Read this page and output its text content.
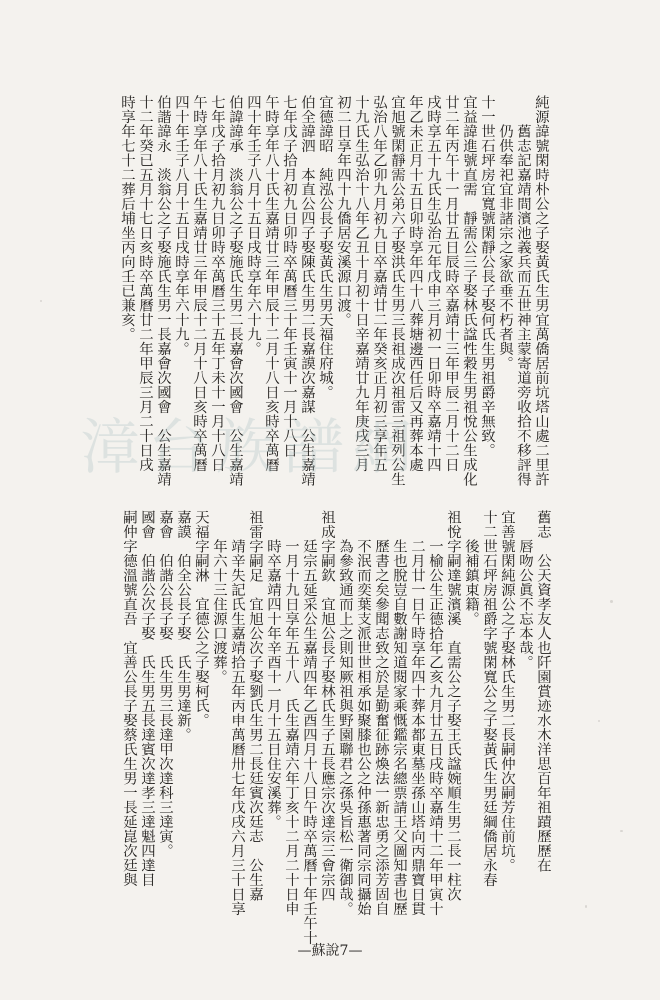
純源諱號閑時朴公之子娶黃氏生男宜萬僑居前坑塔山處二里許
　　舊志記嘉靖間濱池義兵而五世神主蒙寄道旁收拾不移評得
　　仍供奉祀宜非諸宗之家欲垂不朽者與。
十一世石坪房宜寬號閑靜公長子娶何氏生男祖爵辛無致。
宜益諱進號直需　靜需公三子娶林氏諡性穀生男祖悅公生成化
廿二年丙午十一月廿五日辰時卒嘉靖十三年甲辰二月十二日
戌時享五十九氏生弘治元年戊申三月初一日卯時卒嘉靖十四
年乙未正月十五日卯時享年四十八葬塘邊西任后又再葬本處
宜旭號閑靜需公弟六子娶洪氏生男三長祖成次祖雷三祖列公生
弘治八年乙卯九月初九日卒嘉靖廿二年癸亥正月初三享年五
十九氏生弘治十八年乙丑十月初十日辛嘉靖廿九年庚戌三月
初二日享年四十九僑居安溪源口渡。
宜德諱昭　純泓公長子娶黃氏生男天福住府城。
伯全諱泗　本直公四子娶陳氏生男二長嘉謨次嘉謀　公生嘉靖
七年戊子拾月初九日卯時卒萬曆三十年壬寅十一月十八日
午時享年八十氏生嘉靖廿三年甲辰十二月十八日亥時卒萬曆
四十年壬子八月十五日戌時享年六十九。
伯諱諱承　淡翁公之子娶施氏生男二長嘉會次國會　公生嘉靖
七年戊子拾月初九日卯時卒萬曆三十五年丁未十一月十八日
午時享年八十氏生嘉靖廿三年甲辰十二月十八日亥時卒萬曆
四十年壬子八月十五日戌時享年六十九。
伯諧諱永　淡翁公之子娶施氏生男一長嘉會次國會　公生嘉靖
十二年癸已五月十七日亥時卒萬曆廿二年甲辰三月二十日戌
時享年七十二葬后埔坐丙向壬已兼亥。
舊志　公天資孝友人也阡園賞迹水木洋思百年祖蹟歷歷在
　　唇吻公眞不忘本哉。
宜善號閑純源公之子娶林氏生男二長嗣仲次嗣芳住前坑。
十二世石坪房祖爵字號閑寬公之子娶黃氏生男廷綱僑居永春
　　後補鎮東籍。
祖悅字嗣達號濱溪　直需公之子娶王氏諡婉順生男二長一柱次
　　一榆公生正德拾年乙亥九月廿五日戌時卒嘉靖十二年甲寅十
　　二月廿一日午時享年四十葬本都東墓坐孫山塔向丙鼎寶日貫
　　生也脫豈自數謝知道閱家乘慨鑑宗名總票請王父圖知書也歷
　　歷書之矣參聞志致之於是勤奮征跡煥法一新忠勇之添芳固自
　　不泯而奕葉支派世世相承如聚膝也公之仲孫惠著同宗同攝始
　　為參致通而上之則知厥祖與野園聯君之孫吳旨松一衛御哉。
祖成字嗣欽　宜旭公長子娶林氏生子五長應宗次達宗三會宗四
　　廷宗五延采公生嘉靖四年乙酉四月十八日午時卒萬曆十年壬午十
　　一月十九日享年五十八　氏生嘉靖六年丁亥十二月二十日申
　　時卒嘉靖四十年辛酉十一月十五日住安溪葬。
祖雷字嗣足　宜旭公次子娶劉氏生男二長廷賓次廷志　公生嘉
　　靖辛失記氏生嘉靖拾五年丙申萬曆卅七年戊戌六月三十日享
　　年六十三住源口渡葬。
天福字嗣淋　宜德公之子娶柯氏。
嘉謨　伯全公長子娶　氏生男達新。
嘉會　伯諧公長子娶　氏生男三長達甲次達科三達寅。
國會　伯諧公次子娶　氏生男五長達賓次達孝三達魁四達目
嗣仲字德溫號直吾　宜善公長子娶蔡氏生男一長延崑次廷與
漳台族譜網
—蘇說7—
